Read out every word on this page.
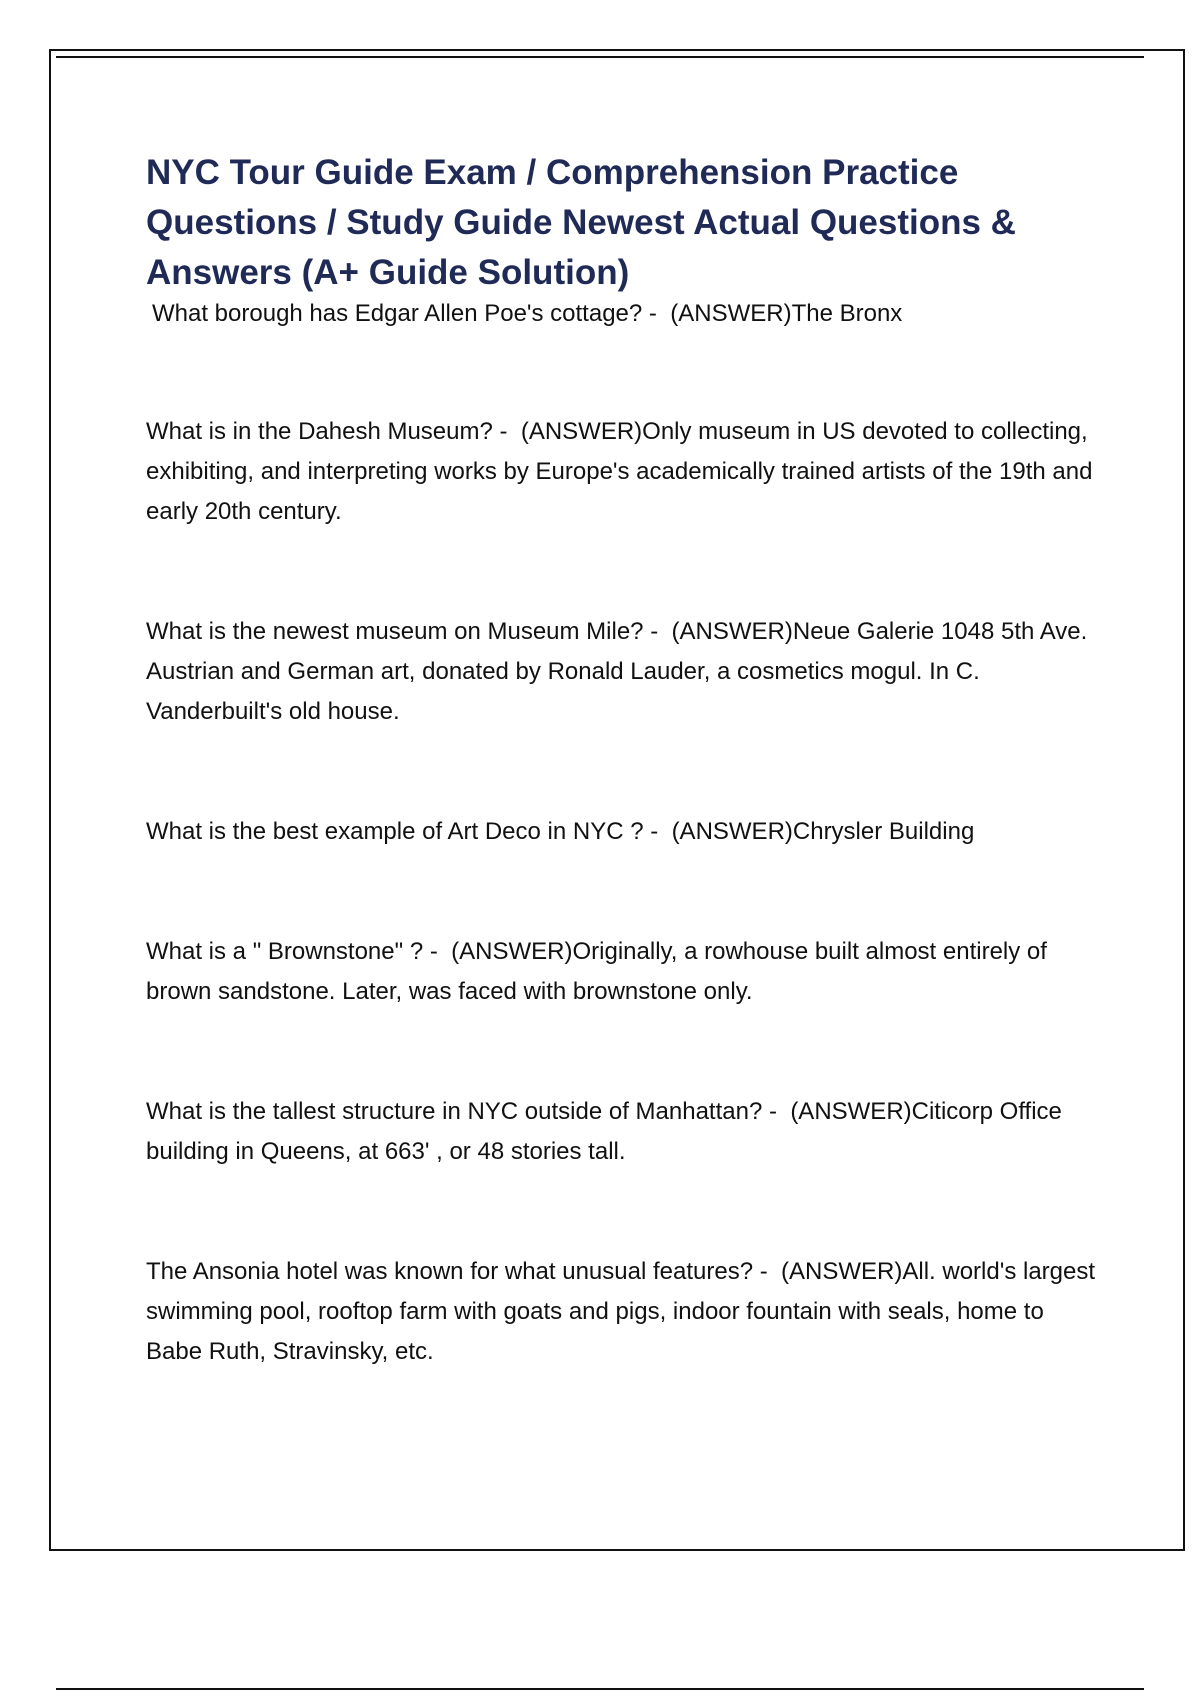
NYC Tour Guide Exam / Comprehension Practice Questions / Study Guide Newest Actual Questions & Answers (A+ Guide Solution)
What borough has Edgar Allen Poe's cottage? -  (ANSWER)The Bronx
What is in the Dahesh Museum? -  (ANSWER)Only museum in US devoted to collecting, exhibiting, and interpreting works by Europe's academically trained artists of the 19th and early 20th century.
What is the newest museum on Museum Mile? -  (ANSWER)Neue Galerie 1048 5th Ave. Austrian and German art, donated by Ronald Lauder, a cosmetics mogul. In C. Vanderbuilt's old house.
What is the best example of Art Deco in NYC ? -  (ANSWER)Chrysler Building
What is a " Brownstone" ? -  (ANSWER)Originally, a rowhouse built almost entirely of brown sandstone. Later, was faced with brownstone only.
What is the tallest structure in NYC outside of Manhattan? -  (ANSWER)Citicorp Office building in Queens, at 663' , or 48 stories tall.
The Ansonia hotel was known for what unusual features? -  (ANSWER)All. world's largest swimming pool, rooftop farm with goats and pigs, indoor fountain with seals, home to Babe Ruth, Stravinsky, etc.
